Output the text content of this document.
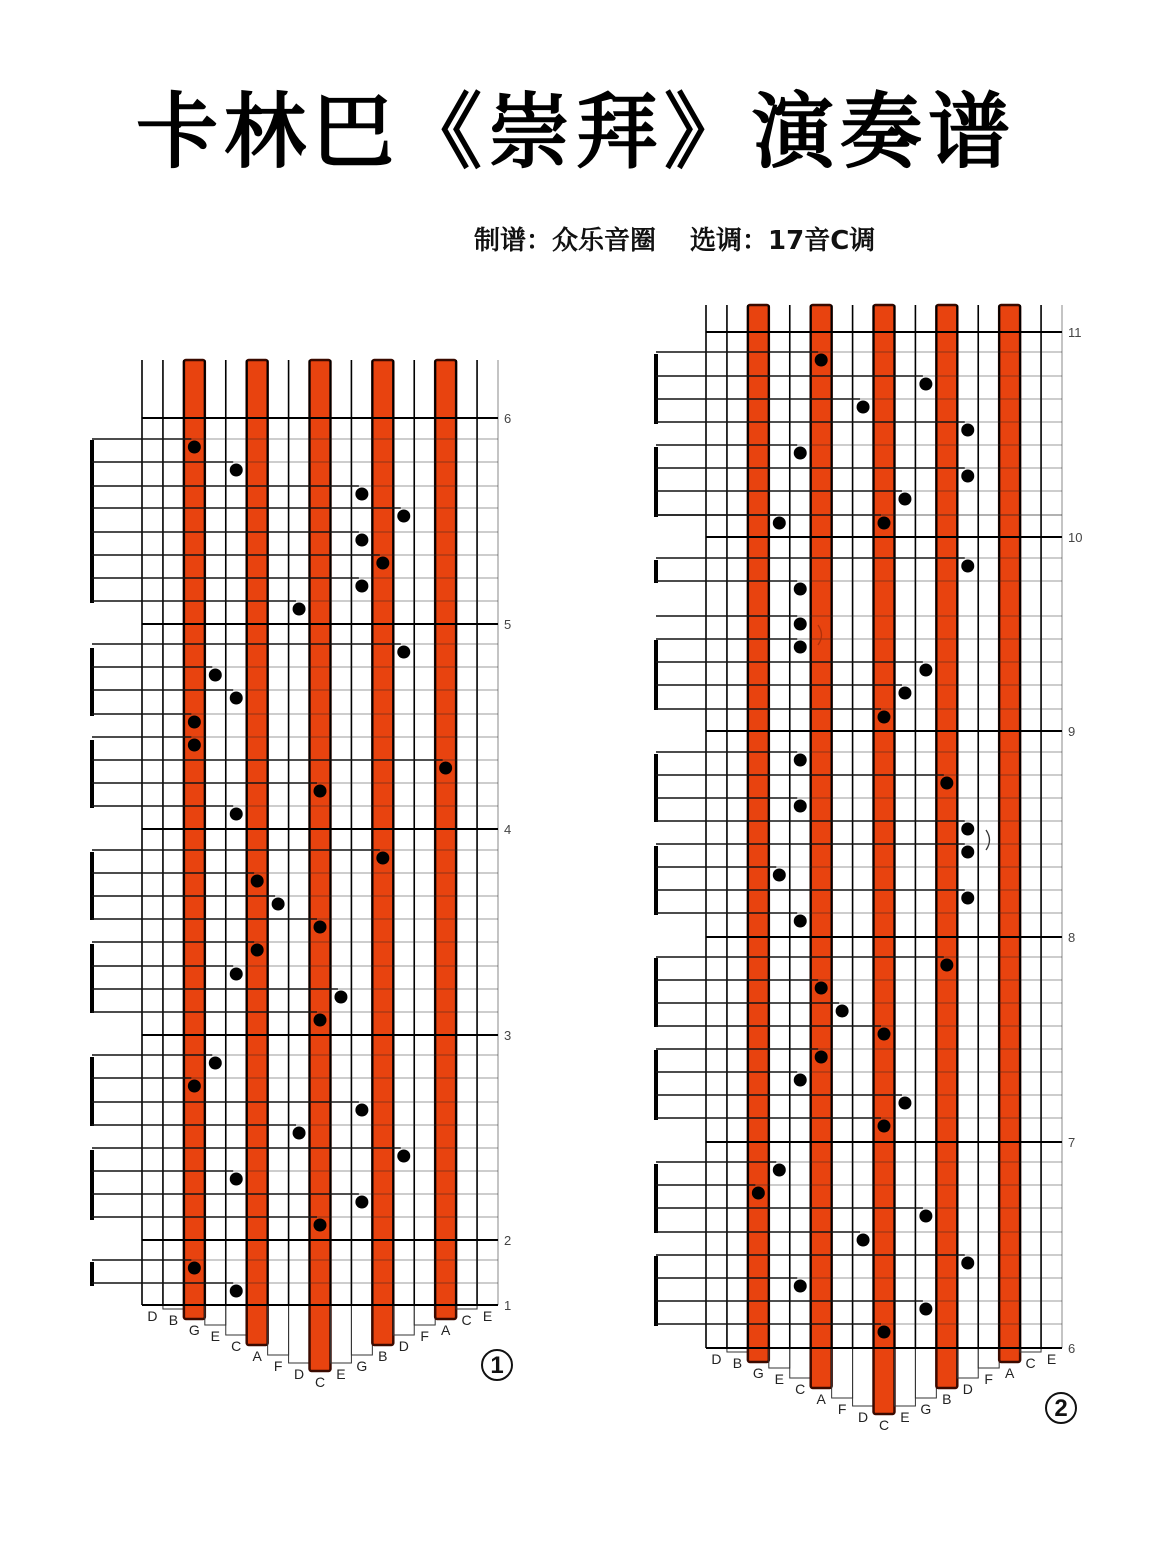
卡林巴《崇拜》演奏谱
制谱：众乐音圈 选调：17音C调
6
5
4
3
2
1
D B
G E
C
A
F D C E G
B
D
F A
C E
1
11
10
9
8
7
6
D B
G E
C
A
F D C E G
B
D
F A
C E
2
